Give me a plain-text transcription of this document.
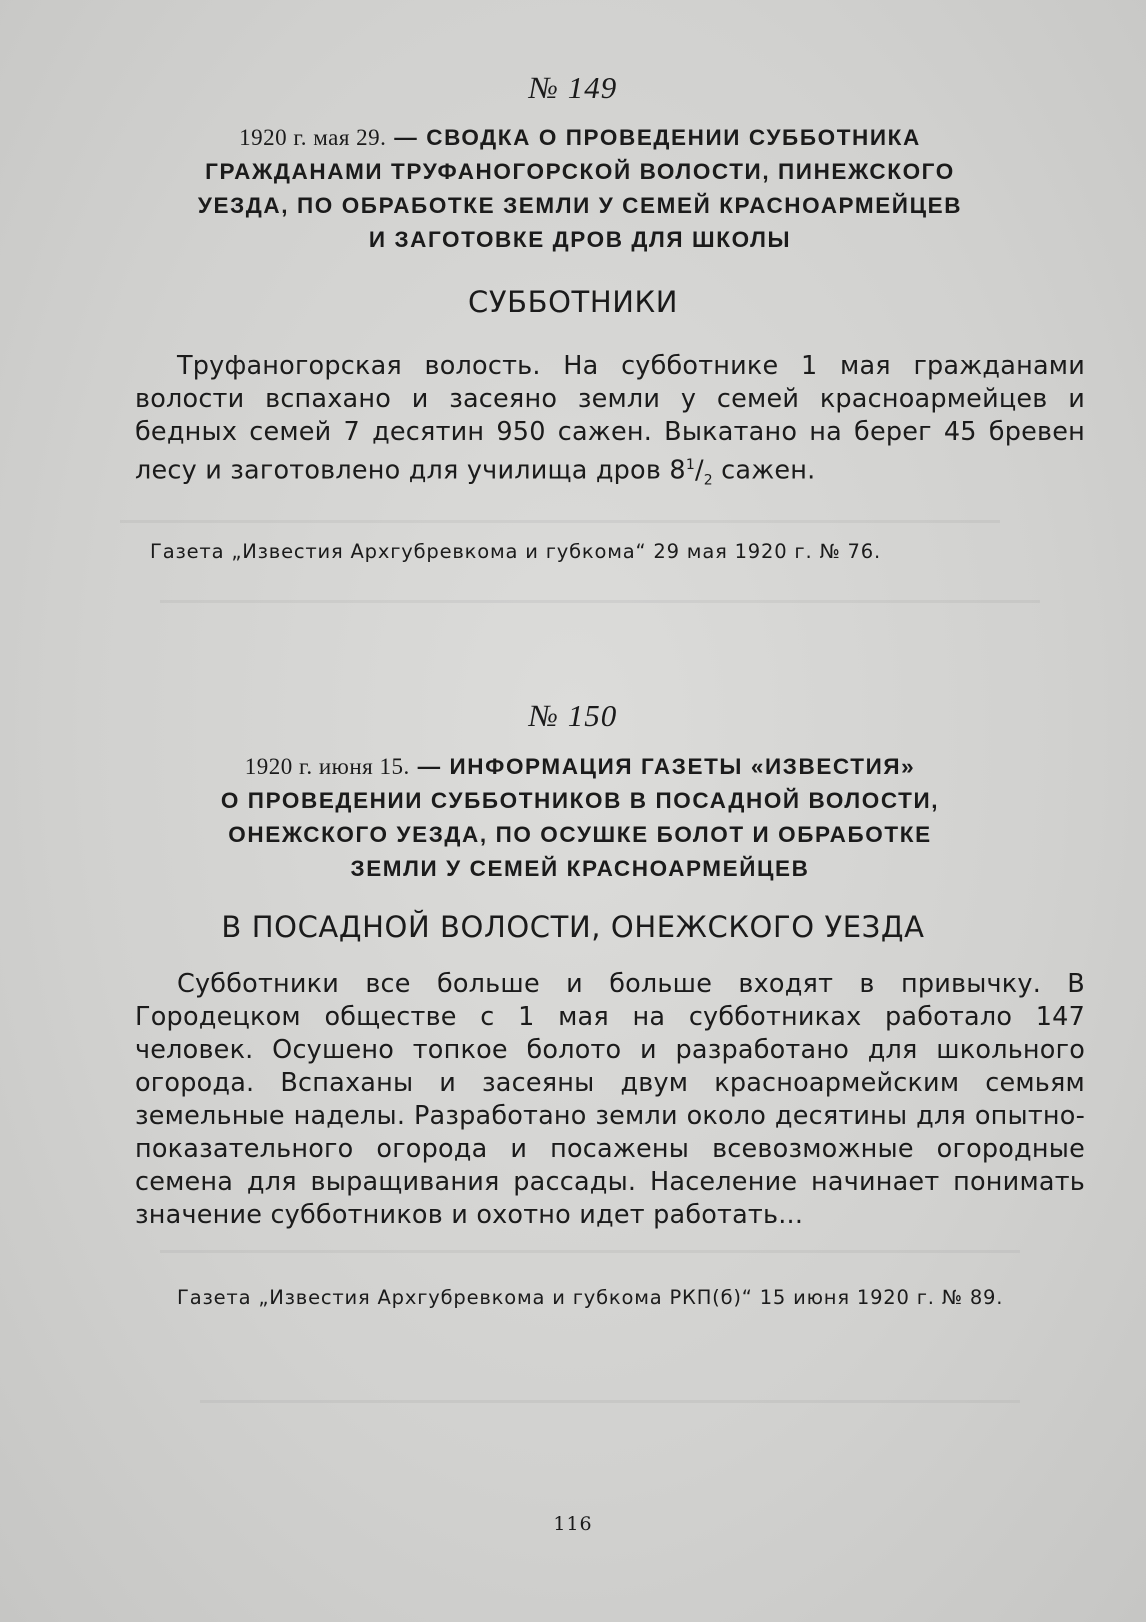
№ 149
1920 г. мая 29. — СВОДКА О ПРОВЕДЕНИИ СУББОТНИКА
ГРАЖДАНАМИ ТРУФАНОГОРСКОЙ ВОЛОСТИ, ПИНЕЖСКОГО
УЕЗДА, ПО ОБРАБОТКЕ ЗЕМЛИ У СЕМЕЙ КРАСНОАРМЕЙЦЕВ
И ЗАГОТОВКЕ ДРОВ ДЛЯ ШКОЛЫ
СУББОТНИКИ
Труфаногорская волость. На субботнике 1 мая гражданами волости вспахано и засеяно земли у семей красноармейцев и бедных семей 7 десятин 950 сажен. Выкатано на берег 45 бревен лесу и заготовлено для училища дров $8^1/_2$ сажен.
Газета „Известия Архгубревкома и губкома“ 29 мая 1920 г. № 76.
№ 150
1920 г. июня 15. — ИНФОРМАЦИЯ ГАЗЕТЫ «ИЗВЕСТИЯ»
О ПРОВЕДЕНИИ СУББОТНИКОВ В ПОСАДНОЙ ВОЛОСТИ,
ОНЕЖСКОГО УЕЗДА, ПО ОСУШКЕ БОЛОТ И ОБРАБОТКЕ
ЗЕМЛИ У СЕМЕЙ КРАСНОАРМЕЙЦЕВ
В ПОСАДНОЙ ВОЛОСТИ, ОНЕЖСКОГО УЕЗДА
Субботники все больше и больше входят в привычку. В Городецком обществе с 1 мая на субботниках работало 147 человек. Осушено топкое болото и разработано для школьного огорода. Вспаханы и засеяны двум красноармейским семьям земельные наделы. Разработано земли около десятины для опытно-показательного огорода и посажены всевозможные огородные семена для выращивания рассады. Население начинает понимать значение субботников и охотно идет работать...
Газета „Известия Архгубревкома и губкома РКП(б)“ 15 июня 1920 г. № 89.
116
